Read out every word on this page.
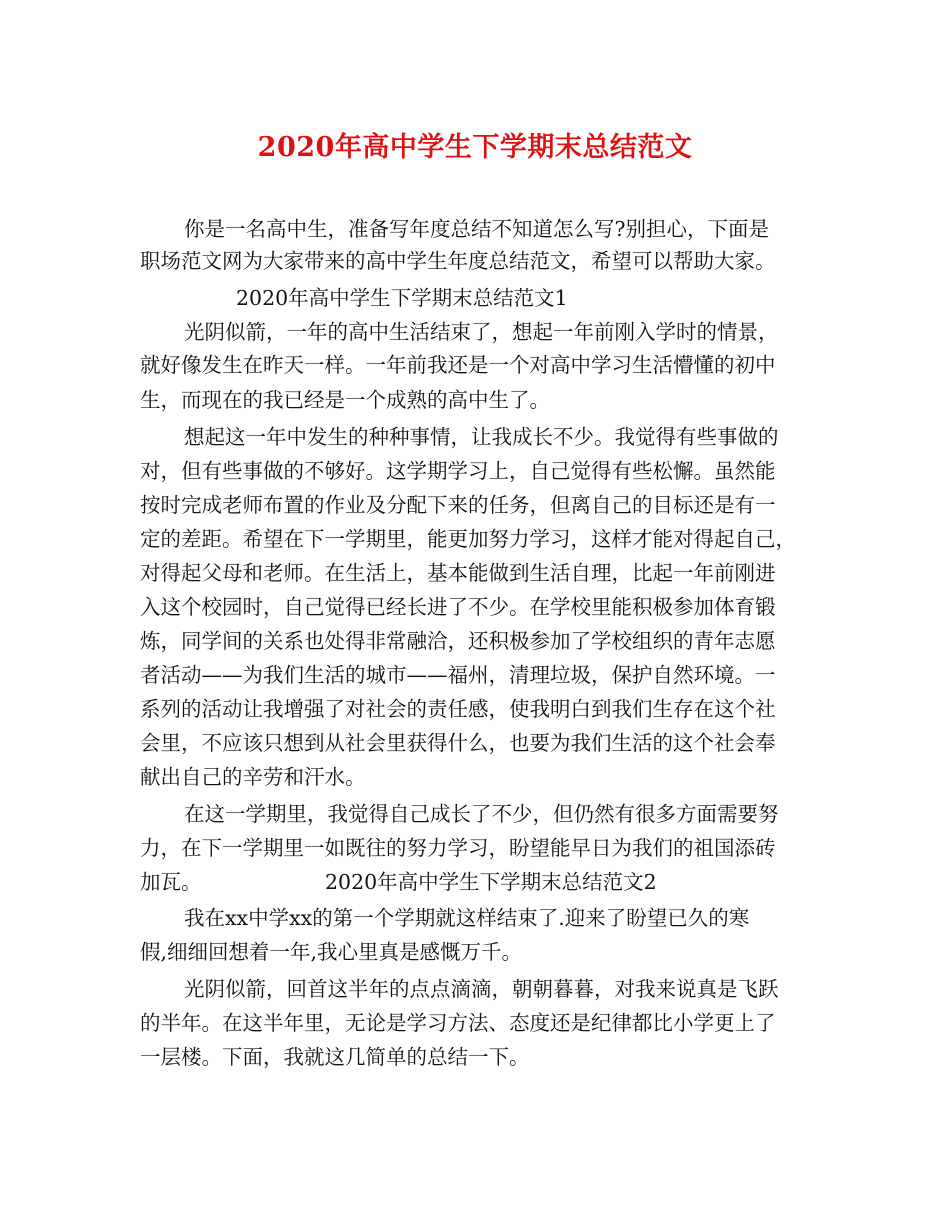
2020年高中学生下学期末总结范文
你是一名高中生，准备写年度总结不知道怎么写?别担心，下面是
职场范文网为大家带来的高中学生年度总结范文，希望可以帮助大家。
2020年高中学生下学期末总结范文1
光阴似箭，一年的高中生活结束了，想起一年前刚入学时的情景，
就好像发生在昨天一样。一年前我还是一个对高中学习生活懵懂的初中
生，而现在的我已经是一个成熟的高中生了。
想起这一年中发生的种种事情，让我成长不少。我觉得有些事做的
对，但有些事做的不够好。这学期学习上，自己觉得有些松懈。虽然能
按时完成老师布置的作业及分配下来的任务，但离自己的目标还是有一
定的差距。希望在下一学期里，能更加努力学习，这样才能对得起自己，
对得起父母和老师。在生活上，基本能做到生活自理，比起一年前刚进
入这个校园时，自己觉得已经长进了不少。在学校里能积极参加体育锻
炼，同学间的关系也处得非常融洽，还积极参加了学校组织的青年志愿
者活动——为我们生活的城市——福州，清理垃圾，保护自然环境。一
系列的活动让我增强了对社会的责任感，使我明白到我们生存在这个社
会里，不应该只想到从社会里获得什么，也要为我们生活的这个社会奉
献出自己的辛劳和汗水。
在这一学期里，我觉得自己成长了不少，但仍然有很多方面需要努
力，在下一学期里一如既往的努力学习，盼望能早日为我们的祖国添砖
加瓦。	2020年高中学生下学期末总结范文2
我在xx中学xx的第一个学期就这样结束了.迎来了盼望已久的寒
假,细细回想着一年,我心里真是感慨万千。
光阴似箭，回首这半年的点点滴滴，朝朝暮暮，对我来说真是飞跃
的半年。在这半年里，无论是学习方法、态度还是纪律都比小学更上了
一层楼。下面，我就这几简单的总结一下。
